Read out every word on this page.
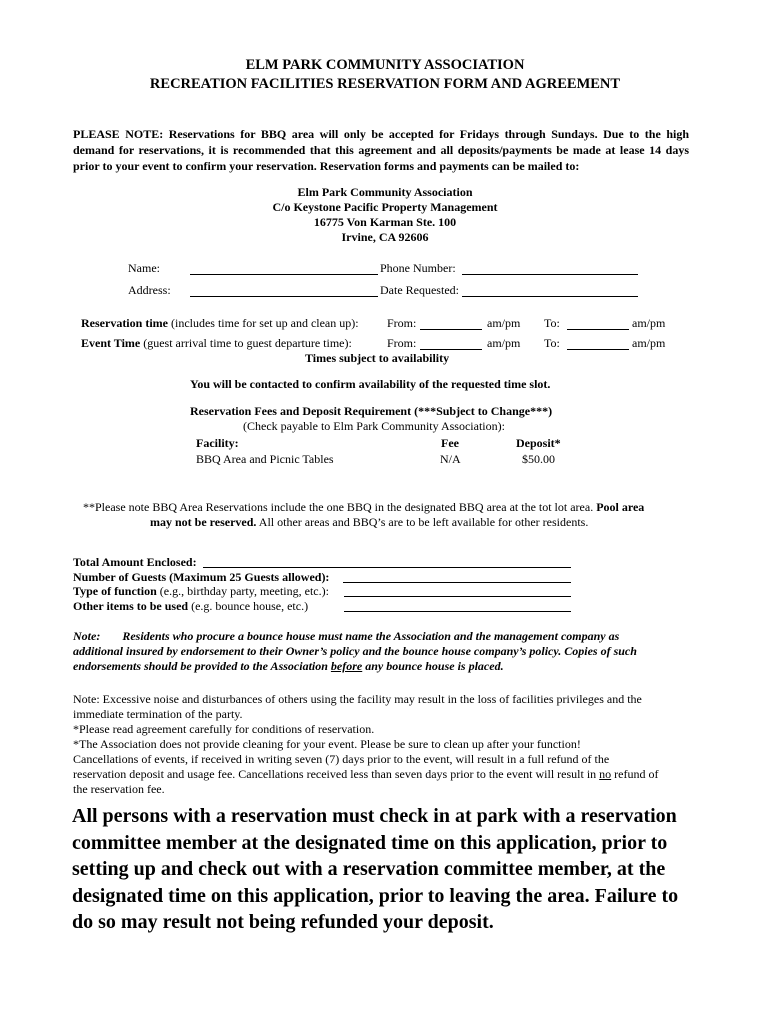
ELM PARK COMMUNITY ASSOCIATION
RECREATION FACILITIES RESERVATION FORM AND AGREEMENT
PLEASE NOTE: Reservations for BBQ area will only be accepted for Fridays through Sundays. Due to the high demand for reservations, it is recommended that this agreement and all deposits/payments be made at lease 14 days prior to your event to confirm your reservation. Reservation forms and payments can be mailed to:
Elm Park Community Association
C/o Keystone Pacific Property Management
16775 Von Karman Ste. 100
Irvine, CA 92606
Name:	Phone Number:
Address:	Date Requested:
Reservation time (includes time for set up and clean up): From:	am/pm To:	am/pm
Event Time (guest arrival time to guest departure time):	From:	am/pm To:	am/pm
Times subject to availability
You will be contacted to confirm availability of the requested time slot.
Reservation Fees and Deposit Requirement (***Subject to Change***)
(Check payable to Elm Park Community Association):
Facility:	Fee	Deposit*
BBQ Area and Picnic Tables	N/A	$50.00
**Please note BBQ Area Reservations include the one BBQ in the designated BBQ area at the tot lot area. Pool area
may not be reserved. All other areas and BBQ’s are to be left available for other residents.
Total Amount Enclosed:
Number of Guests (Maximum 25 Guests allowed):
Type of function (e.g., birthday party, meeting, etc.):
Other items to be used (e.g. bounce house, etc.)
Note: Residents who procure a bounce house must name the Association and the management company as
additional insured by endorsement to their Owner’s policy and the bounce house company’s policy. Copies of such
endorsements should be provided to the Association before any bounce house is placed.
Note: Excessive noise and disturbances of others using the facility may result in the loss of facilities privileges and the
immediate termination of the party.
*Please read agreement carefully for conditions of reservation.
*The Association does not provide cleaning for your event. Please be sure to clean up after your function!
Cancellations of events, if received in writing seven (7) days prior to the event, will result in a full refund of the
reservation deposit and usage fee. Cancellations received less than seven days prior to the event will result in no refund of
the reservation fee.
All persons with a reservation must check in at park with a reservation committee member at the designated time on this application, prior to setting up and check out with a reservation committee member, at the designated time on this application, prior to leaving the area. Failure to do so may result not being refunded your deposit.
